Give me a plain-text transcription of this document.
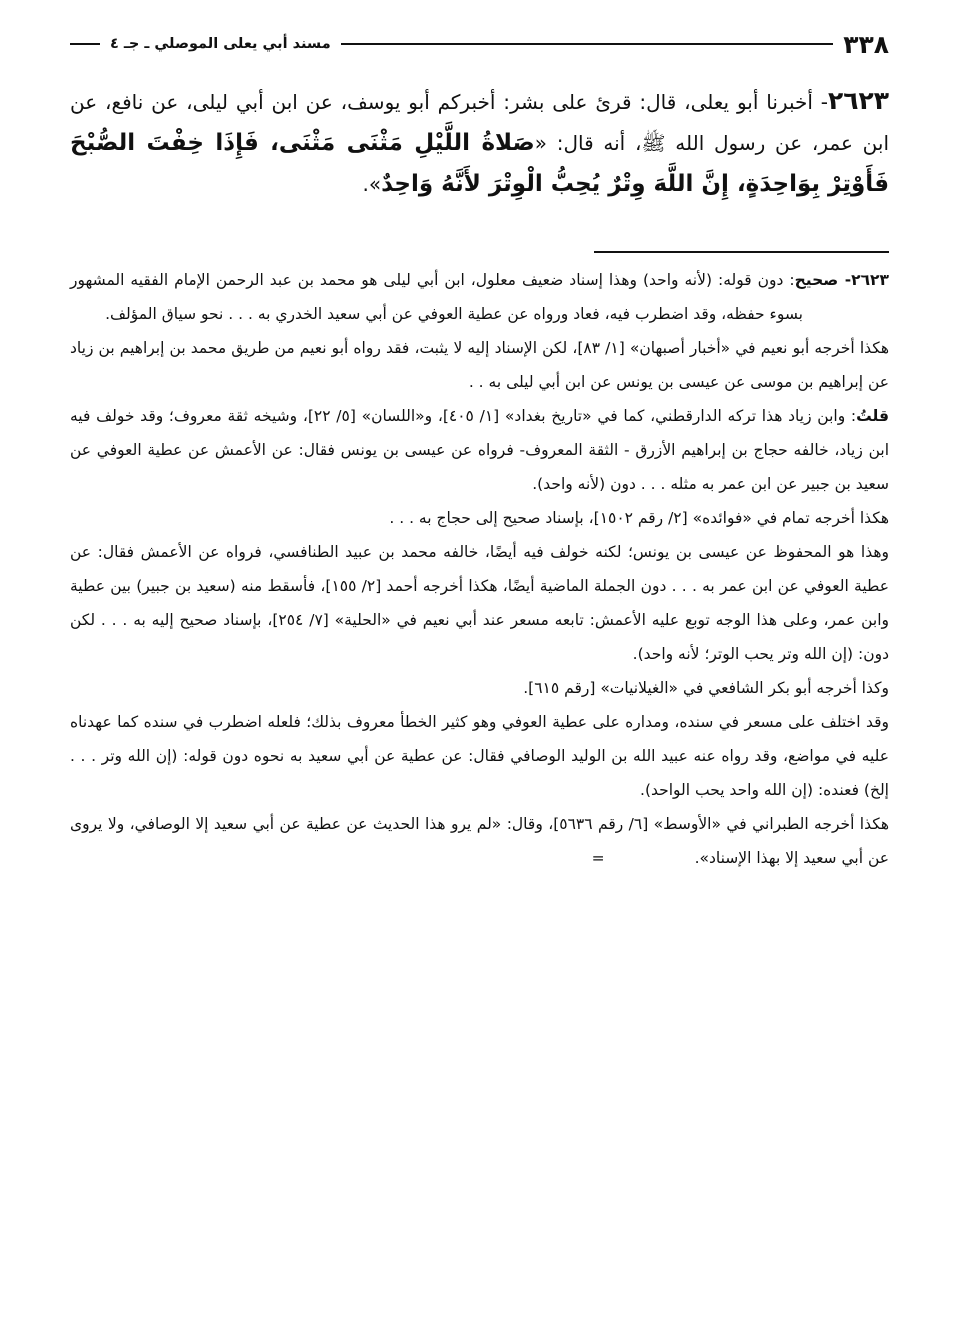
٣٣٨
مسند أبي يعلى الموصلي ـ جـ ٤
٢٦٢٣- أخبرنا أبو يعلى، قال: قرئ على بشر: أخبركم أبو يوسف، عن ابن أبي ليلى، عن نافع، عن ابن عمر، عن رسول الله ﷺ، أنه قال: «صَلاةُ اللَّيْلِ مَثْنَى مَثْنَى، فَإِذَا خِفْتَ الصُّبْحَ فَأَوْتِرْ بِوَاحِدَةٍ، إِنَّ اللَّهَ وِتْرٌ يُحِبُّ الْوِتْرَ لأَنَّهُ وَاحِدٌ».

٢٦٢٣- صحيح: دون قوله: (لأنه واحد) وهذا إسناد ضعيف معلول، ابن أبي ليلى هو محمد بن عبد الرحمن الإمام الفقيه المشهور بسوء حفظه، وقد اضطرب فيه، فعاد ورواه عن عطية العوفي عن أبي سعيد الخدري به . . . نحو سياق المؤلف.

هكذا أخرجه أبو نعيم في «أخبار أصبهان» [١/ ٨٣]، لكن الإسناد إليه لا يثبت، فقد رواه أبو نعيم من طريق محمد بن إبراهيم بن زياد عن إبراهيم بن موسى عن عيسى بن يونس عن ابن أبي ليلى به . .

قلتُ: وابن زياد هذا تركه الدارقطني، كما في «تاريخ بغداد» [١/ ٤٠٥]، و«اللسان» [٥/ ٢٢]، وشيخه ثقة معروف؛ وقد خولف فيه ابن زياد، خالفه حجاج بن إبراهيم الأزرق - الثقة المعروف- فرواه عن عيسى بن يونس فقال: عن الأعمش عن عطية العوفي عن سعيد بن جبير عن ابن عمر به مثله . . . دون (لأنه واحد).

هكذا أخرجه تمام في «فوائده» [٢/ رقم ١٥٠٢]، بإسناد صحيح إلى حجاج به . . .

وهذا هو المحفوظ عن عيسى بن يونس؛ لكنه خولف فيه أيضًا، خالفه محمد بن عبيد الطنافسي، فرواه عن الأعمش فقال: عن عطية العوفي عن ابن عمر به . . . دون الجملة الماضية أيضًا، هكذا أخرجه أحمد [٢/ ١٥٥]، فأسقط منه (سعيد بن جبير) بين عطية وابن عمر، وعلى هذا الوجه توبع عليه الأعمش: تابعه مسعر عند أبي نعيم في «الحلية» [٧/ ٢٥٤]، بإسناد صحيح إليه به . . . لكن دون: (إن الله وتر يحب الوتر؛ لأنه واحد).

وكذا أخرجه أبو بكر الشافعي في «الغيلانيات» [رقم ٦١٥].

وقد اختلف على مسعر في سنده، ومداره على عطية العوفي وهو كثير الخطأ معروف بذلك؛ فلعله اضطرب في سنده كما عهدناه عليه في مواضع، وقد رواه عنه عبيد الله بن الوليد الوصافي فقال: عن عطية عن أبي سعيد به نحوه دون قوله: (إن الله وتر . . . إلخ) فعنده: (إن الله واحد يحب الواحد).

هكذا أخرجه الطبراني في «الأوسط» [٦/ رقم ٥٦٣٦]، وقال: «لم يرو هذا الحديث عن عطية عن أبي سعيد إلا الوصافي، ولا يروى عن أبي سعيد إلا بهذا الإسناد».=
